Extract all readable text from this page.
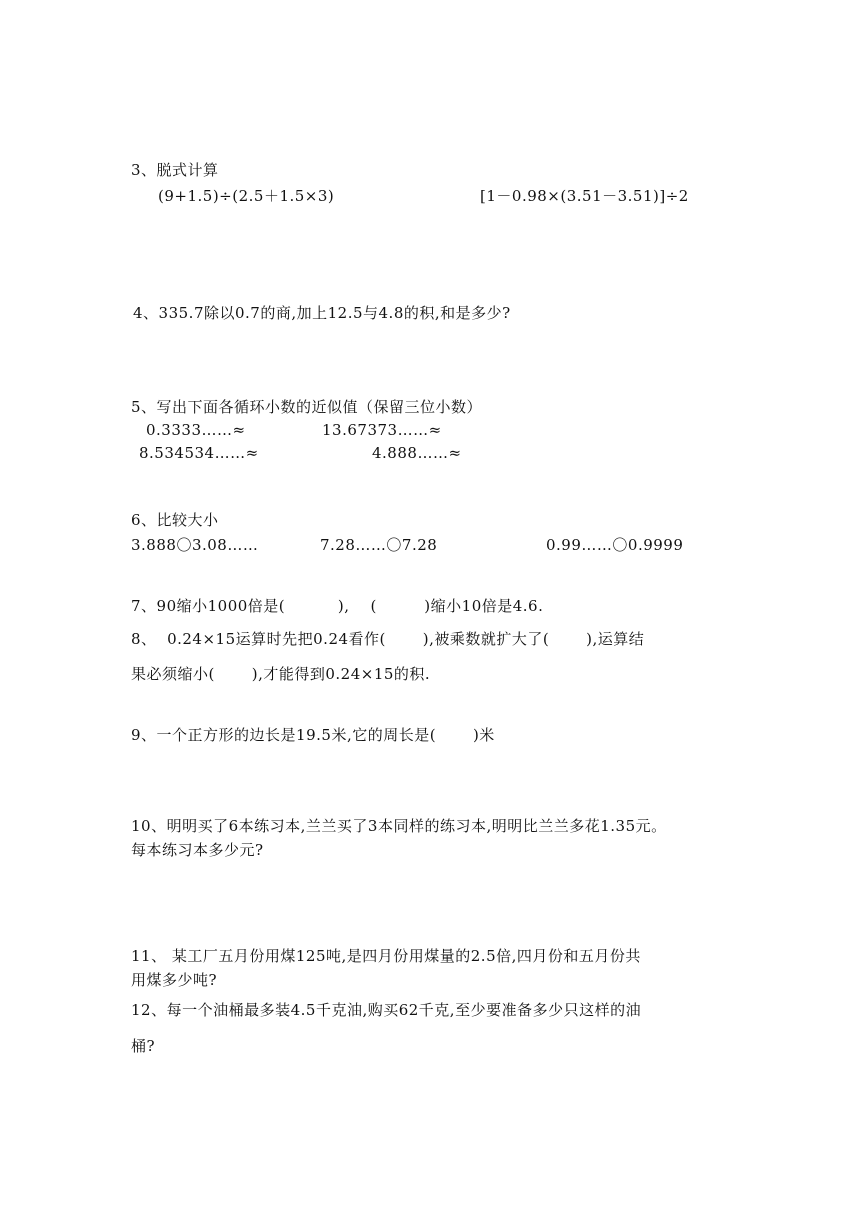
3、脱式计算
(9+1.5)÷(2.5＋1.5×3)	[1－0.98×(3.51－3.51)]÷2
4、335.7除以0.7的商,加上12.5与4.8的积,和是多少?
5、写出下面各循环小数的近似值（保留三位小数）
0.3333……≈	13.67373……≈
8.534534……≈	4.888……≈
6、比较大小
3.888〇3.08……	7.28……〇7.28	0.99……〇0.9999
7、90缩小1000倍是(          ),    (         )缩小10倍是4.6.
8、  0.24×15运算时先把0.24看作(       ),被乘数就扩大了(       ),运算结
果必须缩小(       ),才能得到0.24×15的积.
9、一个正方形的边长是19.5米,它的周长是(       )米
10、明明买了6本练习本,兰兰买了3本同样的练习本,明明比兰兰多花1.35元。
每本练习本多少元?
11、 某工厂五月份用煤125吨,是四月份用煤量的2.5倍,四月份和五月份共
用煤多少吨?
12、每一个油桶最多装4.5千克油,购买62千克,至少要准备多少只这样的油
桶?
